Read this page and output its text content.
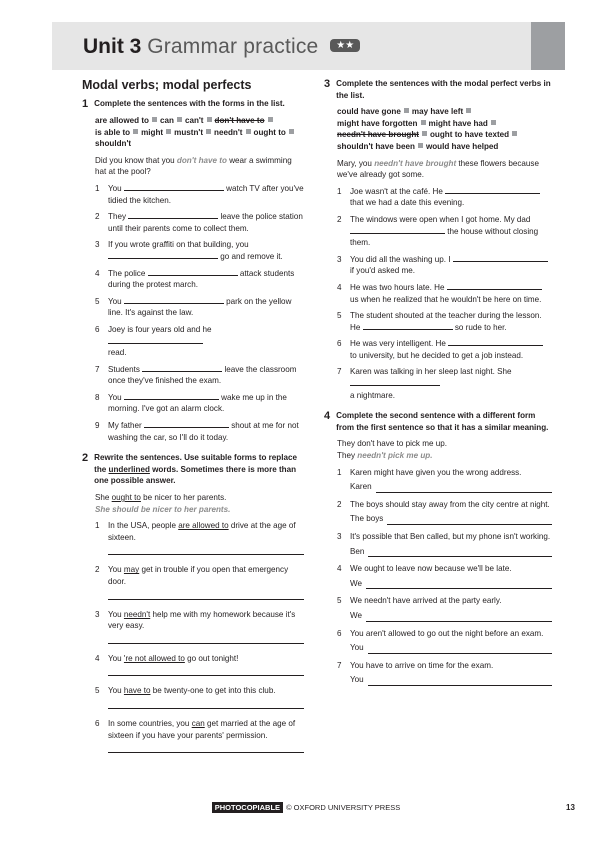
Unit 3 Grammar practice ★★
Modal verbs; modal perfects
1 Complete the sentences with the forms in the list.
are allowed to can can't don't have to
is able to might mustn't needn't ought to
shouldn't
Did you know that you don't have to wear a swimming hat at the pool?
1	You	watch TV after you've tidied the kitchen.
2	They	leave the police station until their parents come to collect them.
3	If you wrote graffiti on that building, you
go and remove it.
4	The police	attack students during the protest march.
5	You	park on the yellow line. It's against the law.
6	Joey is four years old and he
read.
7	Students	leave the classroom once they've finished the exam.
8	You	wake me up in the morning. I've got an alarm clock.
9	My father	shout at me for not washing the car, so I'll do it today.
2 Rewrite the sentences. Use suitable forms to replace the underlined words. Sometimes there is more than one possible answer.
She ought to be nicer to her parents.
She should be nicer to her parents.
1	In the USA, people are allowed to drive at the age of sixteen.
2	You may get in trouble if you open that emergency door.
3	You needn't help me with my homework because it's very easy.
4	You 're not allowed to go out tonight!
5	You have to be twenty-one to get into this club.
6	In some countries, you can get married at the age of sixteen if you have your parents' permission.
3 Complete the sentences with the modal perfect verbs in the list.
could have gone may have left
might have forgotten might have had
needn't have brought ought to have texted
shouldn't have been would have helped
Mary, you needn't have brought these flowers because we've already got some.
1	Joe wasn't at the café. He
that we had a date this evening.
2	The windows were open when I got home. My dad
the house without closing them.
3	You did all the washing up. I
if you'd asked me.
4	He was two hours late. He
us when he realized that he wouldn't be here on time.
5	The student shouted at the teacher during the lesson. He	so rude to her.
6	He was very intelligent. He
to university, but he decided to get a job instead.
7	Karen was talking in her sleep last night. She
a nightmare.
4 Complete the second sentence with a different form from the first sentence so that it has a similar meaning.
They don't have to pick me up.
They needn't pick me up.
1	Karen might have given you the wrong address.

Karen
2	The boys should stay away from the city centre at night.

The boys
3	It's possible that Ben called, but my phone isn't working.

Ben
4	We ought to leave now because we'll be late.

We
5	We needn't have arrived at the party early.

We
6	You aren't allowed to go out the night before an exam.

You
7	You have to arrive on time for the exam.

You
PHOTOCOPIABLE © OXFORD UNIVERSITY PRESS	13
